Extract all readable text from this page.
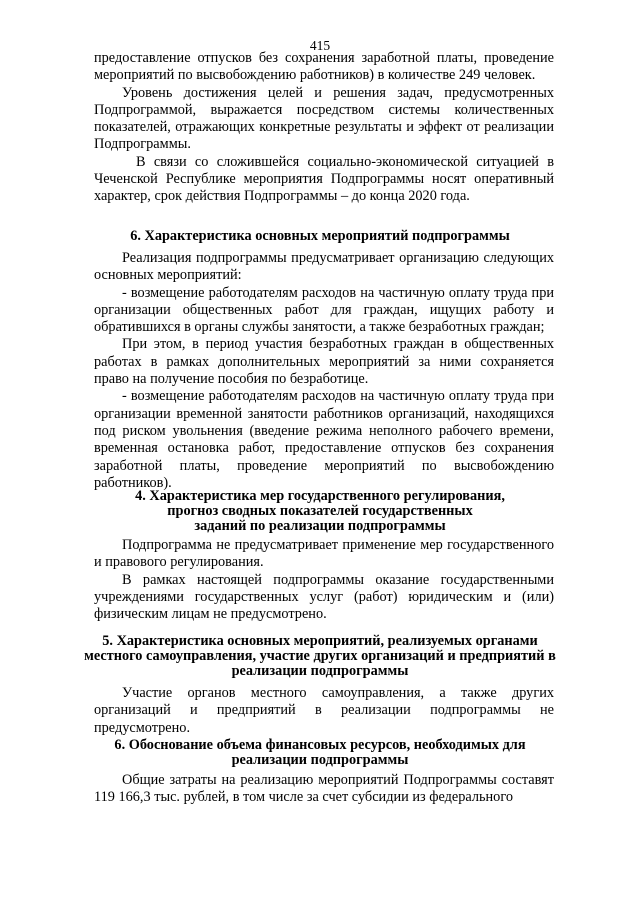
415

предоставление отпусков без сохранения заработной платы, проведение мероприятий по высвобождению работников) в количестве 249 человек.

Уровень достижения целей и решения задач, предусмотренных Подпрограммой, выражается посредством системы количественных показателей, отражающих конкретные результаты и эффект от реализации Подпрограммы.

В связи со сложившейся социально-экономической ситуацией в Чеченской Республике мероприятия Подпрограммы носят оперативный характер, срок действия Подпрограммы – до конца 2020 года.

6. Характеристика основных мероприятий подпрограммы

Реализация подпрограммы предусматривает организацию следующих основных мероприятий:

- возмещение работодателям расходов на частичную оплату труда при организации общественных работ для граждан, ищущих работу и обратившихся в органы службы занятости, а также безработных граждан;

При этом, в период участия безработных граждан в общественных работах в рамках дополнительных мероприятий за ними сохраняется право на получение пособия по безработице.

- возмещение работодателям расходов на частичную оплату труда при организации временной занятости работников организаций, находящихся под риском увольнения (введение режима неполного рабочего времени, временная остановка работ, предоставление отпусков без сохранения заработной платы, проведение мероприятий по высвобождению работников).

4. Характеристика мер государственного регулирования,
прогноз сводных показателей государственных
заданий по реализации подпрограммы

Подпрограмма не предусматривает применение мер государственного и правового регулирования.

В рамках настоящей подпрограммы оказание государственными учреждениями государственных услуг (работ) юридическим и (или) физическим лицам не предусмотрено.

5. Характеристика основных мероприятий, реализуемых органами
местного самоуправления, участие других организаций и предприятий в
реализации подпрограммы

Участие органов местного самоуправления, а также других организаций и предприятий в реализации подпрограммы не предусмотрено.

6. Обоснование объема финансовых ресурсов, необходимых для
реализации подпрограммы

Общие затраты на реализацию мероприятий Подпрограммы составят 119 166,3 тыс. рублей, в том числе за счет субсидии из федерального
